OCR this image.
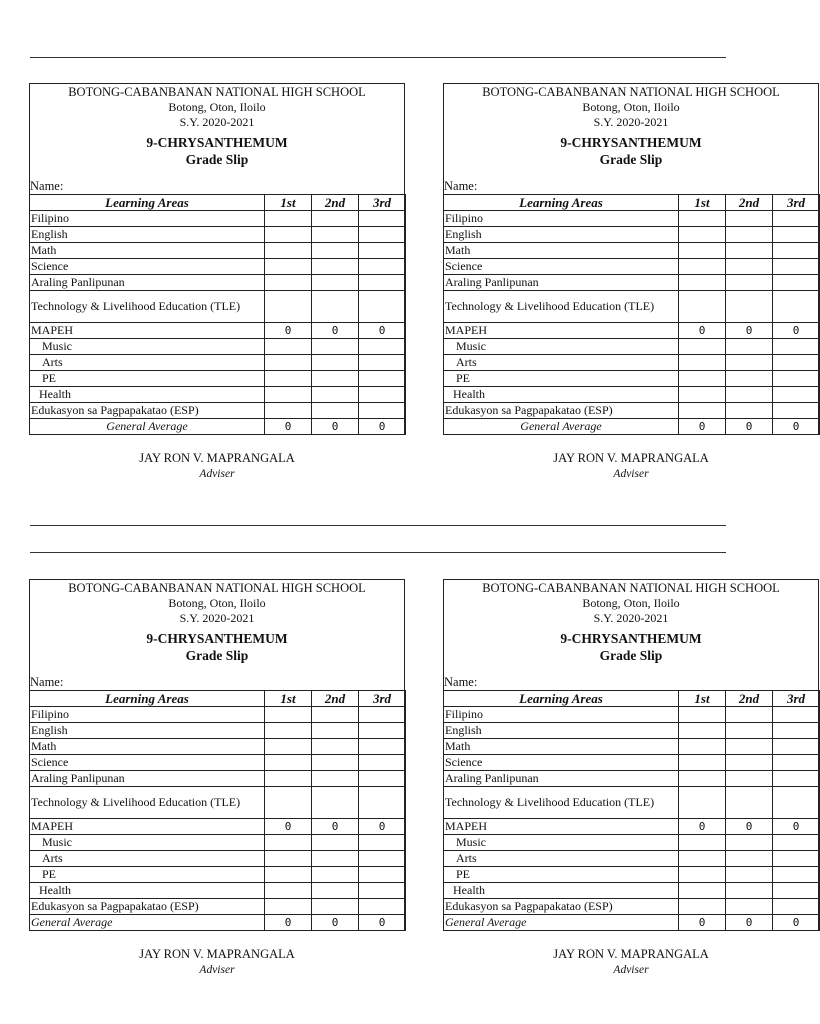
BOTONG-CABANBANAN NATIONAL HIGH SCHOOL
Botong, Oton, Iloilo
S.Y. 2020-2021
9-CHRYSANTHEMUM
Grade Slip
Name:
Learning Areas	1st	2nd	3rd
Filipino			
English			
Math			
Science			
Araling Panlipunan			
Technology & Livelihood Education (TLE)			
MAPEH	0	0	0
Music			
Arts			
PE			
Health			
Edukasyon sa Pagpapakatao (ESP)			
General Average	0	0	0
JAY RON V. MAPRANGALA
Adviser
BOTONG-CABANBANAN NATIONAL HIGH SCHOOL
Botong, Oton, Iloilo
S.Y. 2020-2021
9-CHRYSANTHEMUM
Grade Slip
Name:
Learning Areas	1st	2nd	3rd
Filipino			
English			
Math			
Science			
Araling Panlipunan			
Technology & Livelihood Education (TLE)			
MAPEH	0	0	0
Music			
Arts			
PE			
Health			
Edukasyon sa Pagpapakatao (ESP)			
General Average	0	0	0
JAY RON V. MAPRANGALA
Adviser
BOTONG-CABANBANAN NATIONAL HIGH SCHOOL
Botong, Oton, Iloilo
S.Y. 2020-2021
9-CHRYSANTHEMUM
Grade Slip
Name:
Learning Areas	1st	2nd	3rd
Filipino			
English			
Math			
Science			
Araling Panlipunan			
Technology & Livelihood Education (TLE)			
MAPEH	0	0	0
Music			
Arts			
PE			
Health			
Edukasyon sa Pagpapakatao (ESP)			
General Average	0	0	0
JAY RON V. MAPRANGALA
Adviser
BOTONG-CABANBANAN NATIONAL HIGH SCHOOL
Botong, Oton, Iloilo
S.Y. 2020-2021
9-CHRYSANTHEMUM
Grade Slip
Name:
Learning Areas	1st	2nd	3rd
Filipino			
English			
Math			
Science			
Araling Panlipunan			
Technology & Livelihood Education (TLE)			
MAPEH	0	0	0
Music			
Arts			
PE			
Health			
Edukasyon sa Pagpapakatao (ESP)			
General Average	0	0	0
JAY RON V. MAPRANGALA
Adviser
